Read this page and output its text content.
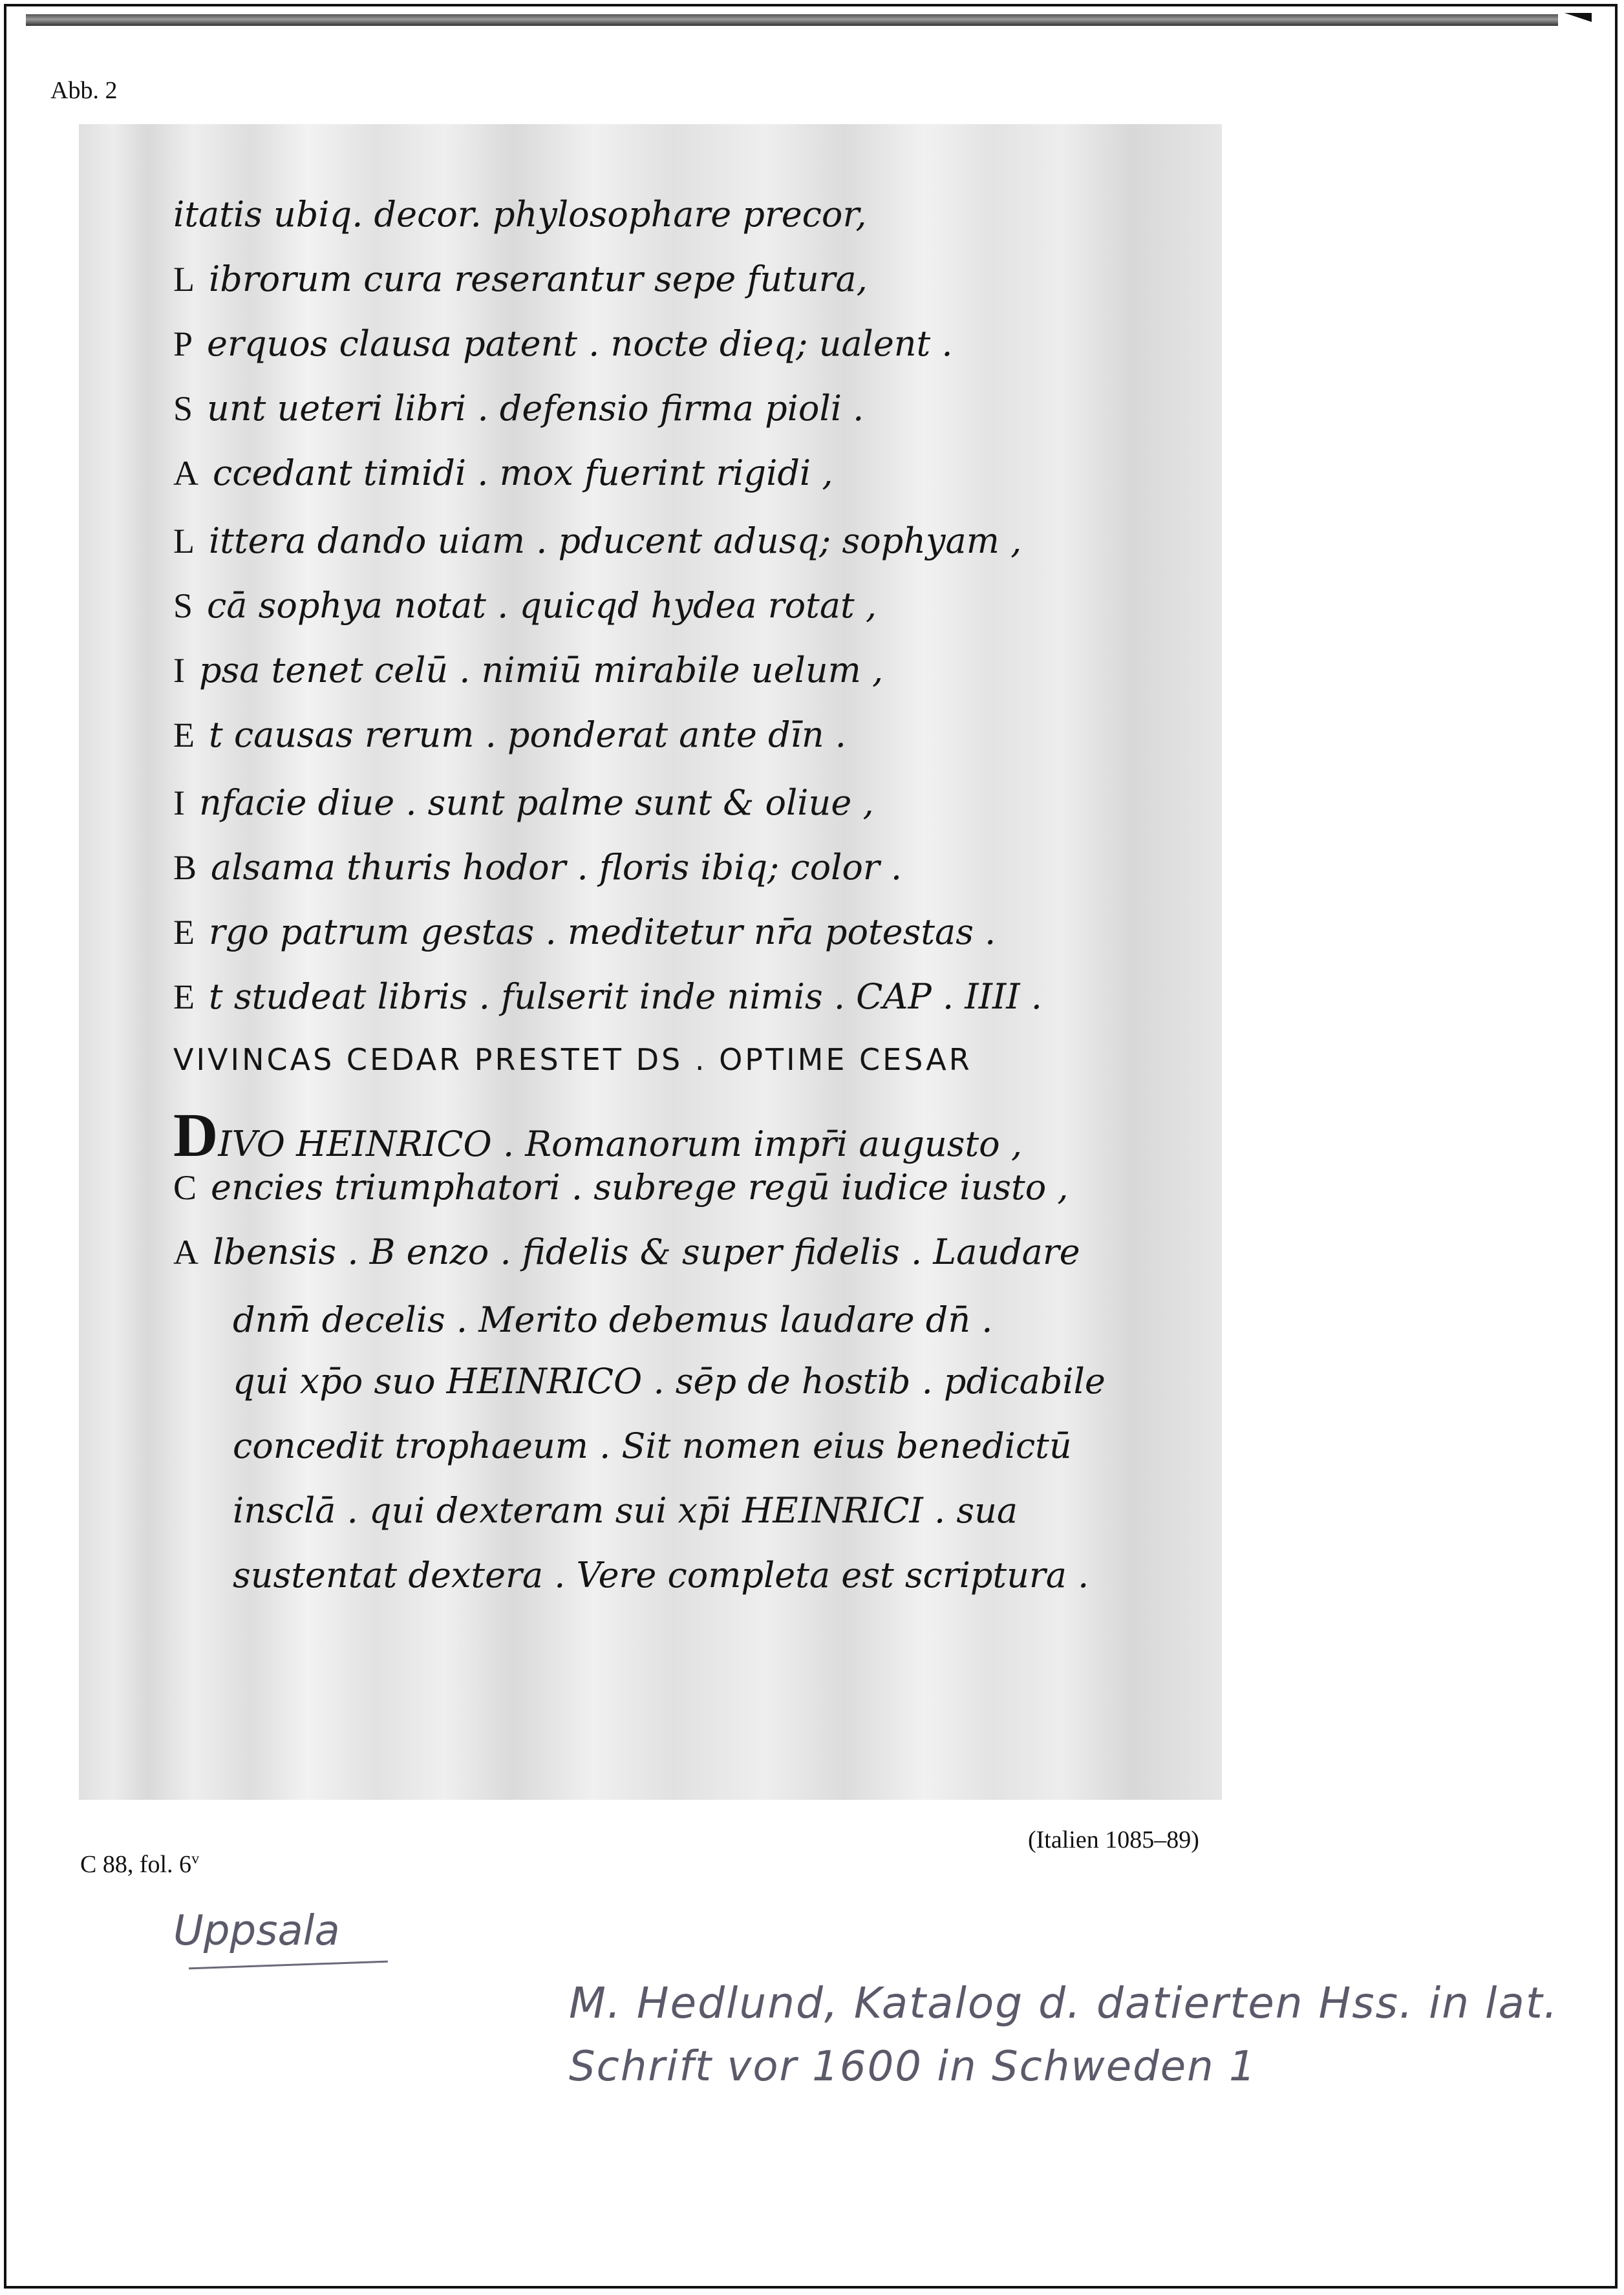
Abb. 2
itatis ubiq. decor. phylosophare precor,
L ibrorum cura reserantur sepe futura,
P erquos clausa patent . nocte dieq; ualent .
S unt ueteri libri . defensio firma pioli .
A ccedant timidi . mox fuerint rigidi ,
L ittera dando uiam . pducent adusq; sophyam ,
S cā sophya notat . quicqd hydea rotat ,
I psa tenet celū . nimiū mirabile uelum ,
E t causas rerum . ponderat ante dīn .
I nfacie diue . sunt palme sunt & oliue ,
B alsama thuris hodor . floris ibiq; color .
E rgo patrum gestas . meditetur nr̄a potestas .
E t studeat libris . fulserit inde nimis . CAP . IIII .
VIVINCAS CEDAR PRESTET DS . OPTIME CESAR
DIVO HEINRICO . Romanorum impr̄i augusto ,
C encies triumphatori . subrege regū iudice iusto ,
A lbensis . B enzo . fidelis & super fidelis . Laudare
dnm̄ decelis . Merito debemus laudare dn̄ .
qui xp̄o suo HEINRICO . sēp de hostib . pdicabile
concedit trophaeum . Sit nomen eius benedictū
insclā . qui dexteram sui xp̄i HEINRICI . sua
sustentat dextera . Vere completa est scriptura .
C 88, fol. 6$^v$
(Italien 1085–89)
Uppsala
M. Hedlund, Katalog d. datierten Hss. in lat.
Schrift vor 1600 in Schweden 1
